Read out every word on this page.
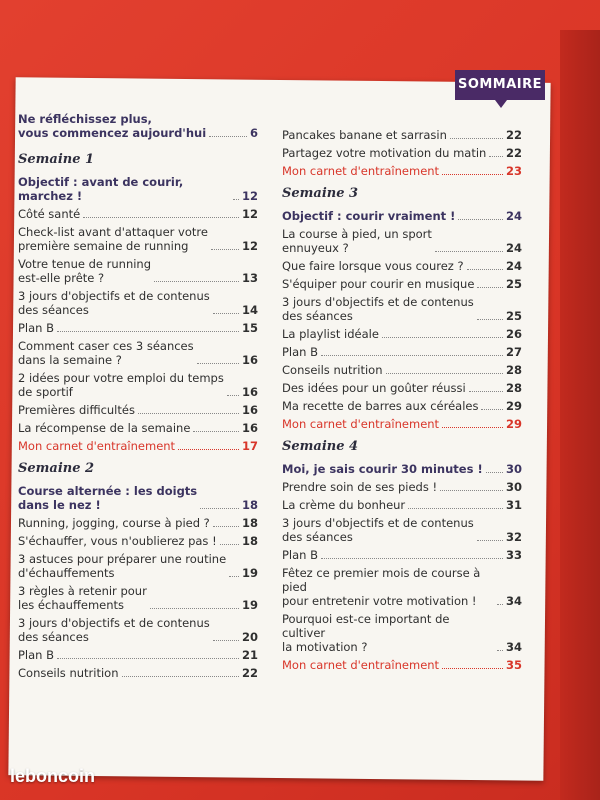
SOMMAIRE
Ne réfléchissez plus,
vous commencez aujourd'hui	6
Semaine 1
Objectif : avant de courir, marchez !	12
Côté santé	12
Check-list avant d'attaquer votre
première semaine de running	12
Votre tenue de running
est-elle prête ?	13
3 jours d'objectifs et de contenus
des séances	14
Plan B	15
Comment caser ces 3 séances
dans la semaine ?	16
2 idées pour votre emploi du temps
de sportif	16
Premières difficultés	16
La récompense de la semaine	16
Mon carnet d'entraînement	17
Semaine 2
Course alternée : les doigts
dans le nez !	18
Running, jogging, course à pied ?	18
S'échauffer, vous n'oublierez pas ! 18
3 astuces pour préparer une routine
d'échauffements	19
3 règles à retenir pour
les échauffements	19
3 jours d'objectifs et de contenus
des séances	20
Plan B	21
Conseils nutrition	22
Pancakes banane et sarrasin	22
Partagez votre motivation du matin 22
Mon carnet d'entraînement	23
Semaine 3
Objectif : courir vraiment !	24
La course à pied, un sport
ennuyeux ?	24
Que faire lorsque vous courez ?	24
S'équiper pour courir en musique	25
3 jours d'objectifs et de contenus
des séances	25
La playlist idéale	26
Plan B	27
Conseils nutrition	28
Des idées pour un goûter réussi	28
Ma recette de barres aux céréales 29
Mon carnet d'entraînement	29
Semaine 4
Moi, je sais courir 30 minutes ! 30
Prendre soin de ses pieds !	30
La crème du bonheur	31
3 jours d'objectifs et de contenus
des séances	32
Plan B	33
Fêtez ce premier mois de course à pied
pour entretenir votre motivation !	34
Pourquoi est-ce important de cultiver
la motivation ?	34
Mon carnet d'entraînement	35
leboncoin
